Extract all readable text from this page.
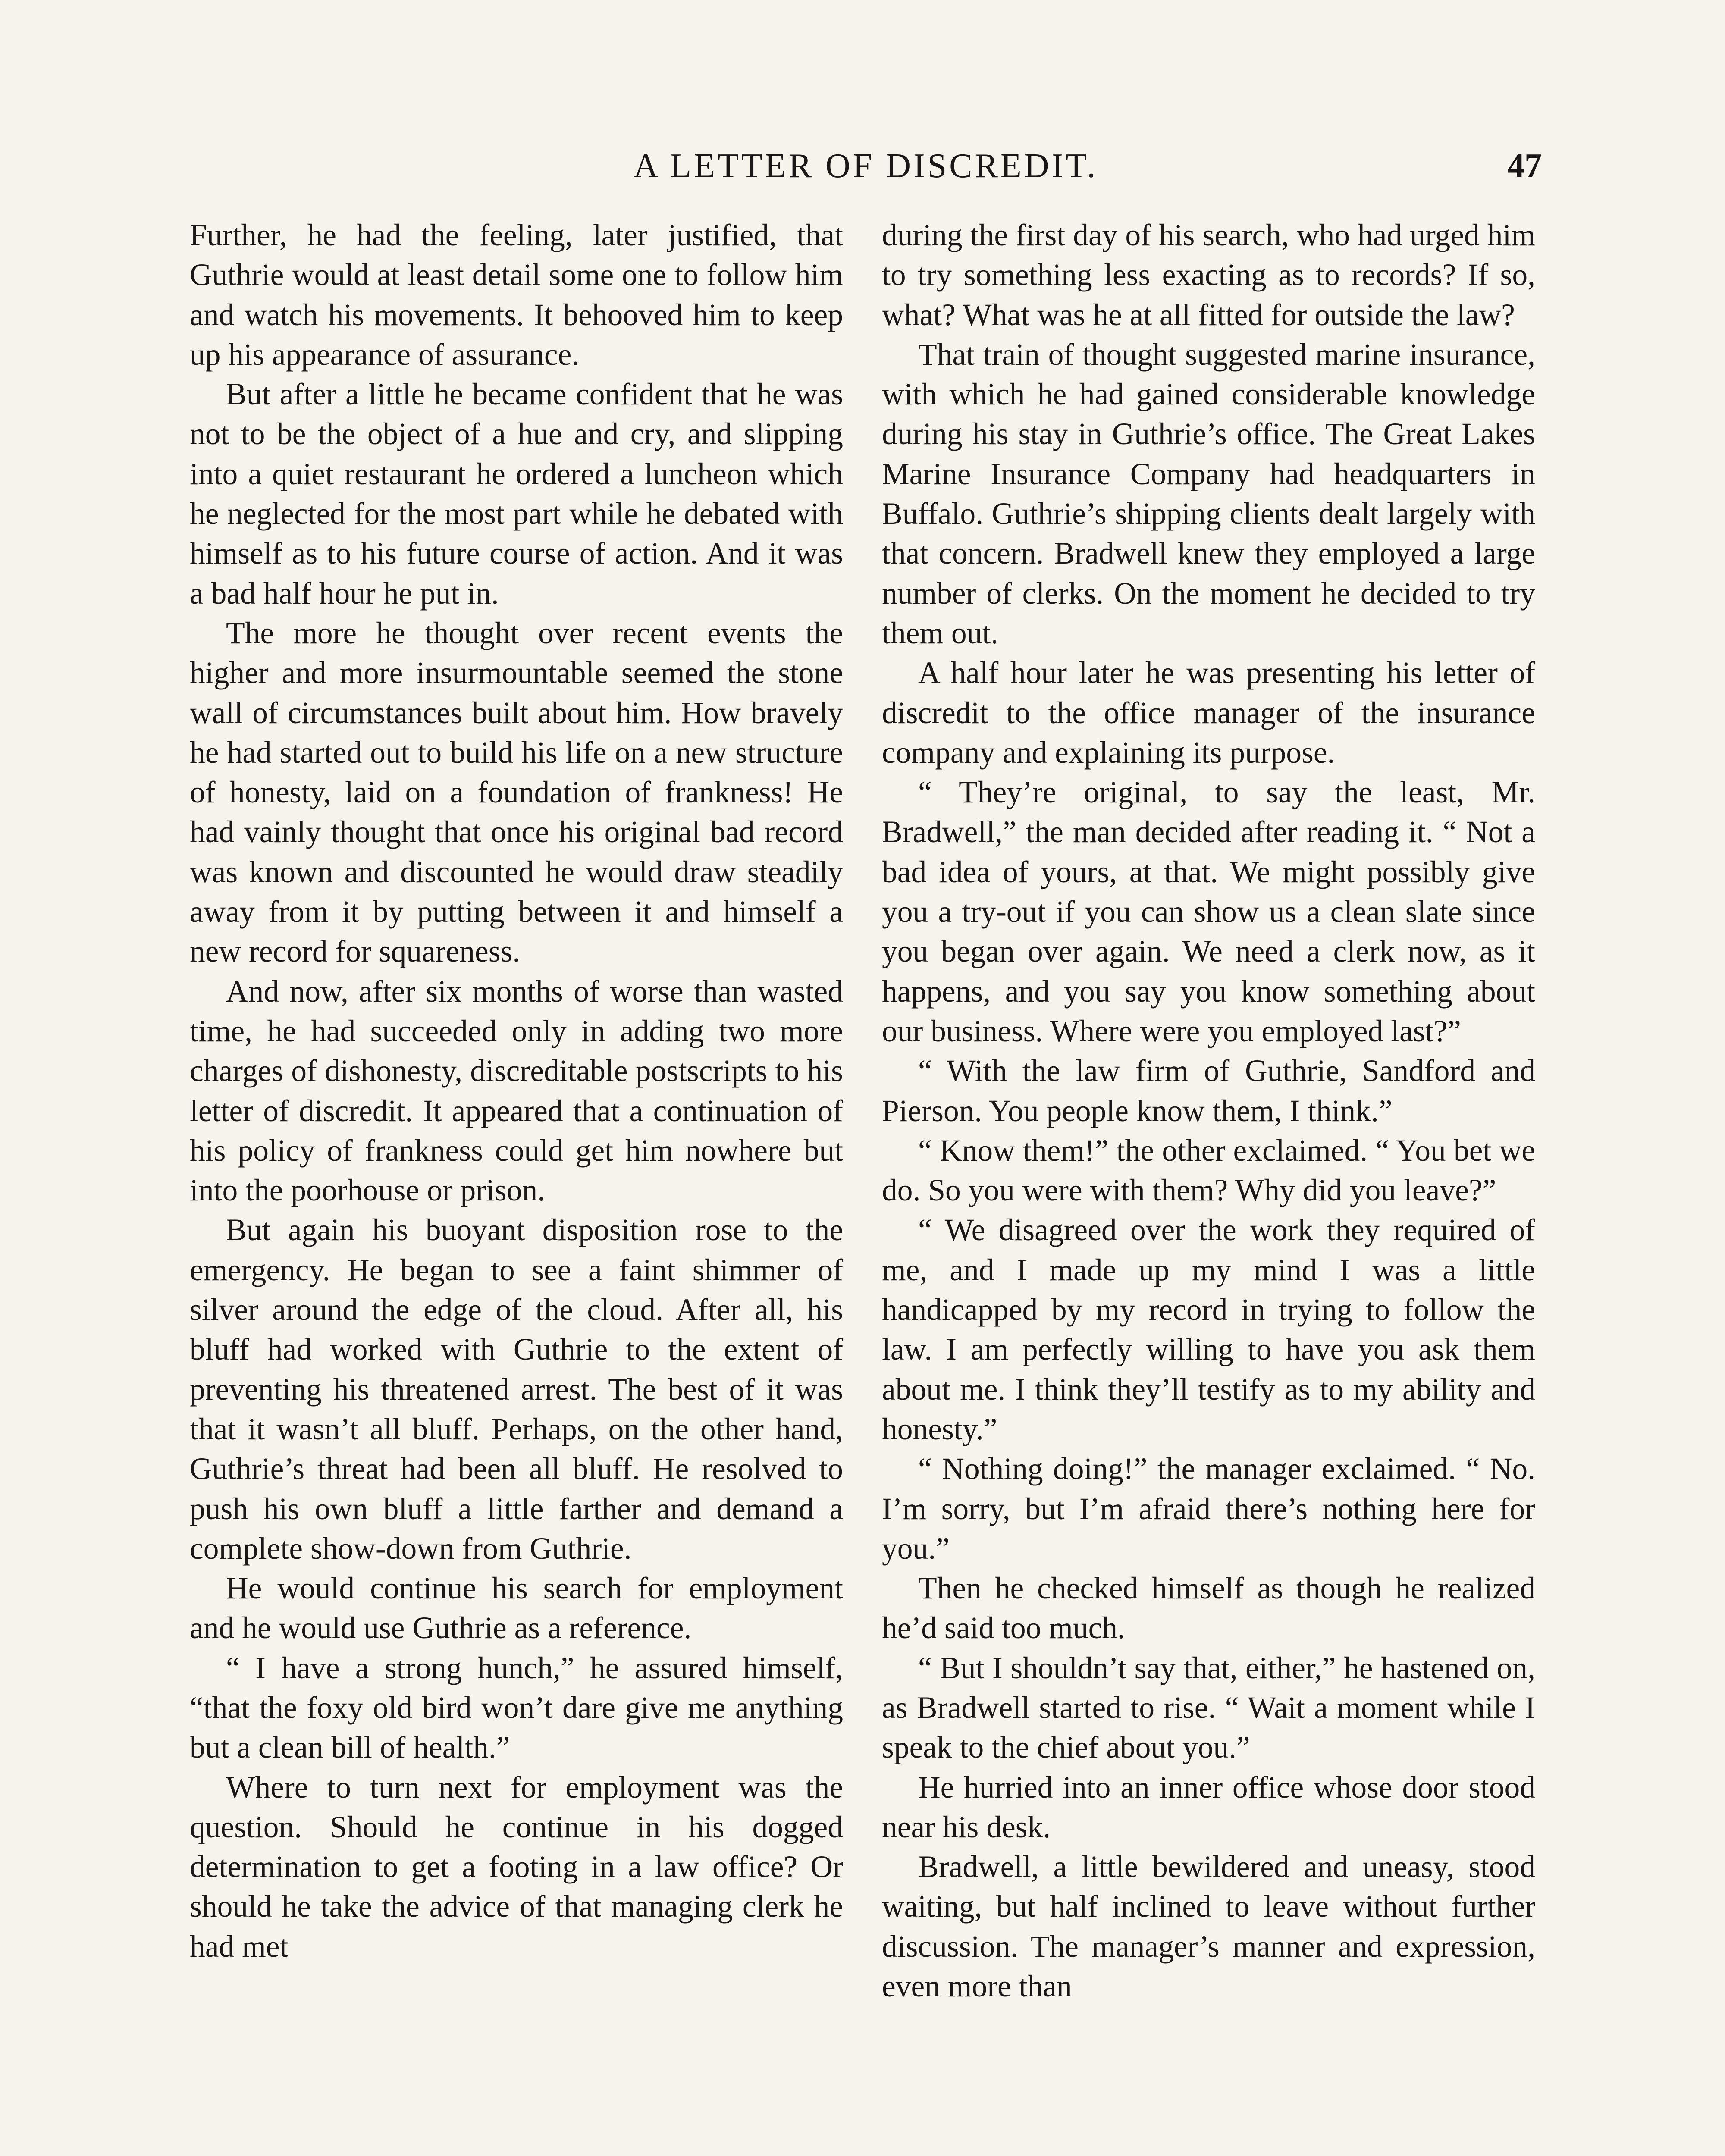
A LETTER OF DISCREDIT.	47

Further, he had the feeling, later justified, that Guthrie would at least detail some one to follow him and watch his movements. It behooved him to keep up his appearance of assurance.

But after a little he became confident that he was not to be the object of a hue and cry, and slipping into a quiet restaurant he ordered a luncheon which he neglected for the most part while he debated with himself as to his future course of action. And it was a bad half hour he put in.

The more he thought over recent events the higher and more insurmountable seemed the stone wall of circumstances built about him. How bravely he had started out to build his life on a new structure of honesty, laid on a foundation of frankness! He had vainly thought that once his original bad record was known and discounted he would draw steadily away from it by putting between it and himself a new record for squareness.

And now, after six months of worse than wasted time, he had succeeded only in adding two more charges of dishonesty, discreditable postscripts to his letter of discredit. It appeared that a continuation of his policy of frankness could get him nowhere but into the poorhouse or prison.

But again his buoyant disposition rose to the emergency. He began to see a faint shimmer of silver around the edge of the cloud. After all, his bluff had worked with Guthrie to the extent of preventing his threatened arrest. The best of it was that it wasn’t all bluff. Perhaps, on the other hand, Guthrie’s threat had been all bluff. He resolved to push his own bluff a little farther and demand a complete show-down from Guthrie.

He would continue his search for employment and he would use Guthrie as a reference.

“ I have a strong hunch,” he assured himself, “that the foxy old bird won’t dare give me anything but a clean bill of health.”

Where to turn next for employment was the question. Should he continue in his dogged determination to get a footing in a law office? Or should he take the advice of that managing clerk he had met

during the first day of his search, who had urged him to try something less exacting as to records? If so, what? What was he at all fitted for outside the law?

That train of thought suggested marine insurance, with which he had gained considerable knowledge during his stay in Guthrie’s office. The Great Lakes Marine Insurance Company had headquarters in Buffalo. Guthrie’s shipping clients dealt largely with that concern. Bradwell knew they employed a large number of clerks. On the moment he decided to try them out.

A half hour later he was presenting his letter of discredit to the office manager of the insurance company and explaining its purpose.

“ They’re original, to say the least, Mr. Bradwell,” the man decided after reading it. “ Not a bad idea of yours, at that. We might possibly give you a try-out if you can show us a clean slate since you began over again. We need a clerk now, as it happens, and you say you know something about our business. Where were you employed last?”

“ With the law firm of Guthrie, Sandford and Pierson. You people know them, I think.”

“ Know them!” the other exclaimed. “ You bet we do. So you were with them? Why did you leave?”

“ We disagreed over the work they required of me, and I made up my mind I was a little handicapped by my record in trying to follow the law. I am perfectly willing to have you ask them about me. I think they’ll testify as to my ability and honesty.”

“ Nothing doing!” the manager exclaimed. “ No. I’m sorry, but I’m afraid there’s nothing here for you.”

Then he checked himself as though he realized he’d said too much.

“ But I shouldn’t say that, either,” he hastened on, as Bradwell started to rise. “ Wait a moment while I speak to the chief about you.”

He hurried into an inner office whose door stood near his desk.

Bradwell, a little bewildered and uneasy, stood waiting, but half inclined to leave without further discussion. The manager’s manner and expression, even more than
